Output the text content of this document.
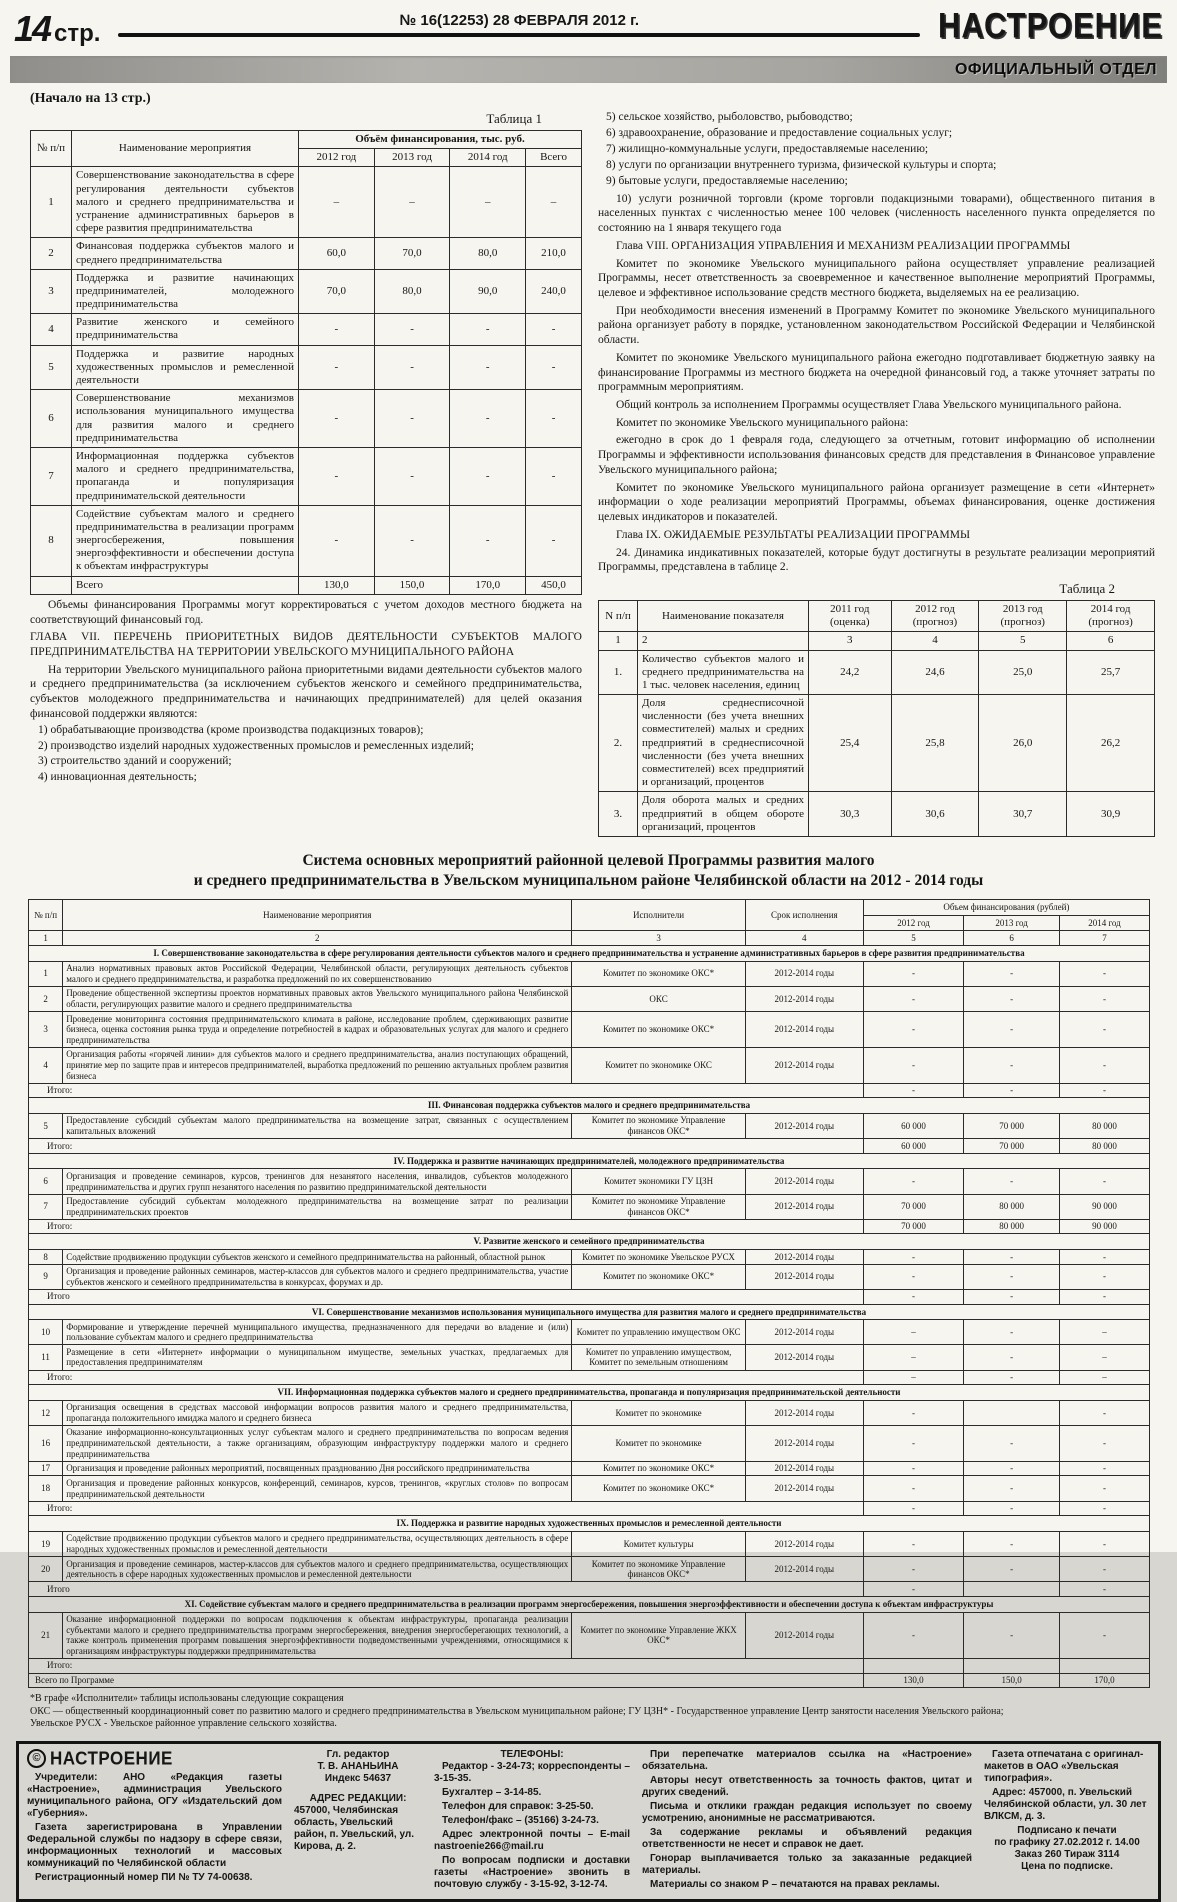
14 стр.	№ 16(12253) 28 ФЕВРАЛЯ 2012 г.	НАСТРОЕНИЕ
ОФИЦИАЛЬНЫЙ ОТДЕЛ
(Начало на 13 стр.)
Таблица 1
№ п/п	Наименование мероприятия	Объём финансирования, тыс. руб.			
		2012 год	2013 год	2014 год	Всего
1	Совершенствование законодательства в сфере регулирования деятельности субъектов малого и среднего предпринимательства и устранение административных барьеров в сфере развития предпринимательства	–	–	–	–
2	Финансовая поддержка субъектов малого и среднего предпринимательства	60,0	70,0	80,0	210,0
3	Поддержка и развитие начинающих предпринимателей, молодежного предпринимательства	70,0	80,0	90,0	240,0
4	Развитие женского и семейного предпринимательства	-	-	-	-
5	Поддержка и развитие народных художественных промыслов и ремесленной деятельности	-	-	-	-
6	Совершенствование механизмов использования муниципального имущества для развития малого и среднего предпринимательства	-	-	-	-
7	Информационная поддержка субъектов малого и среднего предпринимательства, пропаганда и популяризация предпринимательской деятельности	-	-	-	-
8	Содействие субъектам малого и среднего предпринимательства в реализации программ энергосбережения, повышения энергоэффективности и обеспечении доступа к объектам инфраструктуры	-	-	-	-
	Всего	130,0	150,0	170,0	450,0

Объемы финансирования Программы могут корректироваться с учетом доходов местного бюджета на соответствующий финансовый год.

ГЛАВА VII. ПЕРЕЧЕНЬ ПРИОРИТЕТНЫХ ВИДОВ ДЕЯТЕЛЬНОСТИ СУБЪЕКТОВ МАЛОГО ПРЕДПРИНИМАТЕЛЬСТВА НА ТЕРРИТОРИИ УВЕЛЬСКОГО МУНИЦИПАЛЬНОГО РАЙОНА

На территории Увельского муниципального района приоритетными видами деятельности субъектов малого и среднего предпринимательства (за исключением субъектов женского и семейного предпринимательства, субъектов молодежного предпринимательства и начинающих предпринимателей) для целей оказания финансовой поддержки являются:

1) обрабатывающие производства (кроме производства подакцизных товаров);

2) производство изделий народных художественных промыслов и ремесленных изделий;

3) строительство зданий и сооружений;

4) инновационная деятельность;

5) сельское хозяйство, рыболовство, рыбоводство;

6) здравоохранение, образование и предоставление социальных услуг;

7) жилищно-коммунальные услуги, предоставляемые населению;

8) услуги по организации внутреннего туризма, физической культуры и спорта;

9) бытовые услуги, предоставляемые населению;

10) услуги розничной торговли (кроме торговли подакцизными товарами), общественного питания в населенных пунктах с численностью менее 100 человек (численность населенного пункта определяется по состоянию на 1 января текущего года

Глава VIII. ОРГАНИЗАЦИЯ УПРАВЛЕНИЯ И МЕХАНИЗМ РЕАЛИЗАЦИИ ПРОГРАММЫ

Комитет по экономике Увельского муниципального района осуществляет управление реализацией Программы, несет ответственность за своевременное и качественное выполнение мероприятий Программы, целевое и эффективное использование средств местного бюджета, выделяемых на ее реализацию.

При необходимости внесения изменений в Программу Комитет по экономике Увельского муниципального района организует работу в порядке, установленном законодательством Российской Федерации и Челябинской области.

Комитет по экономике Увельского муниципального района ежегодно подготавливает бюджетную заявку на финансирование Программы из местного бюджета на очередной финансовый год, а также уточняет затраты по программным мероприятиям.

Общий контроль за исполнением Программы осуществляет Глава Увельского муниципального района.

Комитет по экономике Увельского муниципального района:

ежегодно в срок до 1 февраля года, следующего за отчетным, готовит информацию об исполнении Программы и эффективности использования финансовых средств для представления в Финансовое управление Увельского муниципального района;

Комитет по экономике Увельского муниципального района организует размещение в сети «Интернет» информации о ходе реализации мероприятий Программы, объемах финансирования, оценке достижения целевых индикаторов и показателей.

Глава IX. ОЖИДАЕМЫЕ РЕЗУЛЬТАТЫ РЕАЛИЗАЦИИ ПРОГРАММЫ

24. Динамика индикативных показателей, которые будут достигнуты в результате реализации мероприятий Программы, представлена в таблице 2.

Таблица 2
N п/п	Наименование показателя	2011 год (оценка)	2012 год (прогноз)	2013 год (прогноз)	2014 год (прогноз)
1	2	3	4	5	6
1.	Количество субъектов малого и среднего предпринимательства на 1 тыс. человек населения, единиц	24,2	24,6	25,0	25,7
2.	Доля среднесписочной численности (без учета внешних совместителей) малых и средних предприятий в среднесписочной численности (без учета внешних совместителей) всех предприятий и организаций, процентов	25,4	25,8	26,0	26,2
3.	Доля оборота малых и средних предприятий в общем обороте организаций, процентов	30,3	30,6	30,7	30,9
Система основных мероприятий районной целевой Программы развития малого
и среднего предпринимательства в Увельском муниципальном районе Челябинской области на 2012 - 2014 годы
№ п/п	Наименование мероприятия	Исполнители	Срок исполнения	Объем финансирования (рублей)		
				2012 год	2013 год	2014 год
1	2	3	4	5	6	7
I. Совершенствование законодательства в сфере регулирования деятельности субъектов малого и среднего предпринимательства и устранение административных барьеров в сфере развития предпринимательства						
1	Анализ нормативных правовых актов Российской Федерации, Челябинской области, регулирующих деятельность субъектов малого и среднего предпринимательства, и разработка предложений по их совершенствованию	Комитет по экономике ОКС*	2012-2014 годы	-	-	-
2	Проведение общественной экспертизы проектов нормативных правовых актов Увельского муниципального района Челябинской области, регулирующих развитие малого и среднего предпринимательства	ОКС	2012-2014 годы	-	-	-
3	Проведение мониторинга состояния предпринимательского климата в районе, исследование проблем, сдерживающих развитие бизнеса, оценка состояния рынка труда и определение потребностей в кадрах и образовательных услугах для малого и среднего предпринимательства	Комитет по экономике ОКС*	2012-2014 годы	-	-	-
4	Организация работы «горячей линии» для субъектов малого и среднего предпринимательства, анализ поступающих обращений, принятие мер по защите прав и интересов предпринимателей, выработка предложений по решению актуальных проблем развития бизнеса	Комитет по экономике ОКС	2012-2014 годы	-	-	-
Итого:				-	-	-
III. Финансовая поддержка субъектов малого и среднего предпринимательства						
5	Предоставление субсидий субъектам малого предпринимательства на возмещение затрат, связанных с осуществлением капитальных вложений	Комитет по экономике Управление финансов ОКС*	2012-2014 годы	60 000	70 000	80 000
Итого:				60 000	70 000	80 000
IV. Поддержка и развитие начинающих предпринимателей, молодежного предпринимательства						
6	Организация и проведение семинаров, курсов, тренингов для незанятого населения, инвалидов, субъектов молодежного предпринимательства и других групп незанятого населения по развитию предпринимательской деятельности	Комитет экономики ГУ ЦЗН	2012-2014 годы	-	-	-
7	Предоставление субсидий субъектам молодежного предпринимательства на возмещение затрат по реализации предпринимательских проектов	Комитет по экономике Управление финансов ОКС*	2012-2014 годы	70 000	80 000	90 000
Итого:				70 000	80 000	90 000
V. Развитие женского и семейного предпринимательства						
8	Содействие продвижению продукции субъектов женского и семейного предпринимательства на районный, областной рынок	Комитет по экономике Увельское РУСХ	2012-2014 годы	-	-	-
9	Организация и проведение районных семинаров, мастер-классов для субъектов малого и среднего предпринимательства, участие субъектов женского и семейного предпринимательства в конкурсах, форумах и др.	Комитет по экономике ОКС*	2012-2014 годы	-	-	-
Итого				-	-	-
VI. Совершенствование механизмов использования муниципального имущества для развития малого и среднего предпринимательства						
10	Формирование и утверждение перечней муниципального имущества, предназначенного для передачи во владение и (или) пользование субъектам малого и среднего предпринимательства	Комитет по управлению имуществом ОКС	2012-2014 годы	–	-	–
11	Размещение в сети «Интернет» информации о муниципальном имуществе, земельных участках, предлагаемых для предоставления предпринимателям	Комитет по управлению имуществом, Комитет по земельным отношениям	2012-2014 годы	–	-	–
Итого:				–	-	–
VII. Информационная поддержка субъектов малого и среднего предпринимательства, пропаганда и популяризация предпринимательской деятельности						
12	Организация освещения в средствах массовой информации вопросов развития малого и среднего предпринимательства, пропаганда положительного имиджа малого и среднего бизнеса	Комитет по экономике	2012-2014 годы	-		-
16	Оказание информационно-консультационных услуг субъектам малого и среднего предпринимательства по вопросам ведения предпринимательской деятельности, а также организациям, образующим инфраструктуру поддержки малого и среднего предпринимательства	Комитет по экономике	2012-2014 годы	-	-	-
17	Организация и проведение районных мероприятий, посвященных празднованию Дня российского предпринимательства	Комитет по экономике ОКС*	2012-2014 годы	-	-	-
18	Организация и проведение районных конкурсов, конференций, семинаров, курсов, тренингов, «круглых столов» по вопросам предпринимательской деятельности	Комитет по экономике ОКС*	2012-2014 годы	-	-	-
Итого:				-	-	-
IX. Поддержка и развитие народных художественных промыслов и ремесленной деятельности						
19	Содействие продвижению продукции субъектов малого и среднего предпринимательства, осуществляющих деятельность в сфере народных художественных промыслов и ремесленной деятельности	Комитет культуры	2012-2014 годы	-	-	-
20	Организация и проведение семинаров, мастер-классов для субъектов малого и среднего предпринимательства, осуществляющих деятельность в сфере народных художественных промыслов и ремесленной деятельности	Комитет по экономике Управление финансов ОКС*	2012-2014 годы	-	-	-
Итого				-		-
XI. Содействие субъектам малого и среднего предпринимательства в реализации программ энергосбережения, повышения энергоэффективности и обеспечении доступа к объектам инфраструктуры						
21	Оказание информационной поддержки по вопросам подключения к объектам инфраструктуры, пропаганда реализации субъектами малого и среднего предпринимательства программ энергосбережения, внедрения энергосберегающих технологий, а также контроль применения программ повышения энергоэффективности подведомственными учреждениями, относящимися к организациям инфраструктуры поддержки предпринимательства	Комитет по экономике Управление ЖКХ ОКС*	2012-2014 годы	-	-	-
Итого:						
Всего по Программе				130,0	150,0	170,0

*В графе «Исполнители» таблицы использованы следующие сокращения

ОКС — общественный координационный совет по развитию малого и среднего предпринимательства в Увельском муниципальном районе; ГУ ЦЗН* - Государственное управление Центр занятости населения Увельского района;

Увельское РУСХ - Увельское районное управление сельского хозяйства.

© НАСТРОЕНИЕ

Учредители: АНО «Редакция газеты «Настроение», администрация Увельского муниципального района, ОГУ «Издательский дом «Губерния».

Газета зарегистрирована в Управлении Федеральной службы по надзору в сфере связи, информационных технологий и массовых коммуникаций по Челябинской области

Регистрационный номер ПИ № ТУ 74-00638.

Гл. редактор
Т. В. АНАНЬИНА
Индекс 54637
АДРЕС РЕДАКЦИИ:
457000, Челябинская область, Увельский район, п. Увельский, ул. Кирова, д. 2.
ТЕЛЕФОНЫ:

Редактор - 3-24-73; корреспонденты – 3-15-35.

Бухгалтер – 3-14-85.

Телефон для справок: 3-25-50.

Телефон/факс – (35166) 3-24-73.

Адрес электронной почты – E-mail nastroenie266@mail.ru

По вопросам подписки и доставки газеты «Настроение» звонить в почтовую службу - 3-15-92, 3-12-74.

При перепечатке материалов ссылка на «Настроение» обязательна.

Авторы несут ответственность за точность фактов, цитат и других сведений.

Письма и отклики граждан редакция использует по своему усмотрению, анонимные не рассматриваются.

За содержание рекламы и объявлений редакция ответственности не несет и справок не дает.

Гонорар выплачивается только за заказанные редакцией материалы.

Материалы со знаком Р – печатаются на правах рекламы.

Газета отпечатана с оригинал-макетов в ОАО «Увельская типография».

Адрес: 457000, п. Увельский Челябинской области, ул. 30 лет ВЛКСМ, д. 3.

Подписано к печати
по графику 27.02.2012 г. 14.00
Заказ 260 Тираж 3114
Цена по подписке.
